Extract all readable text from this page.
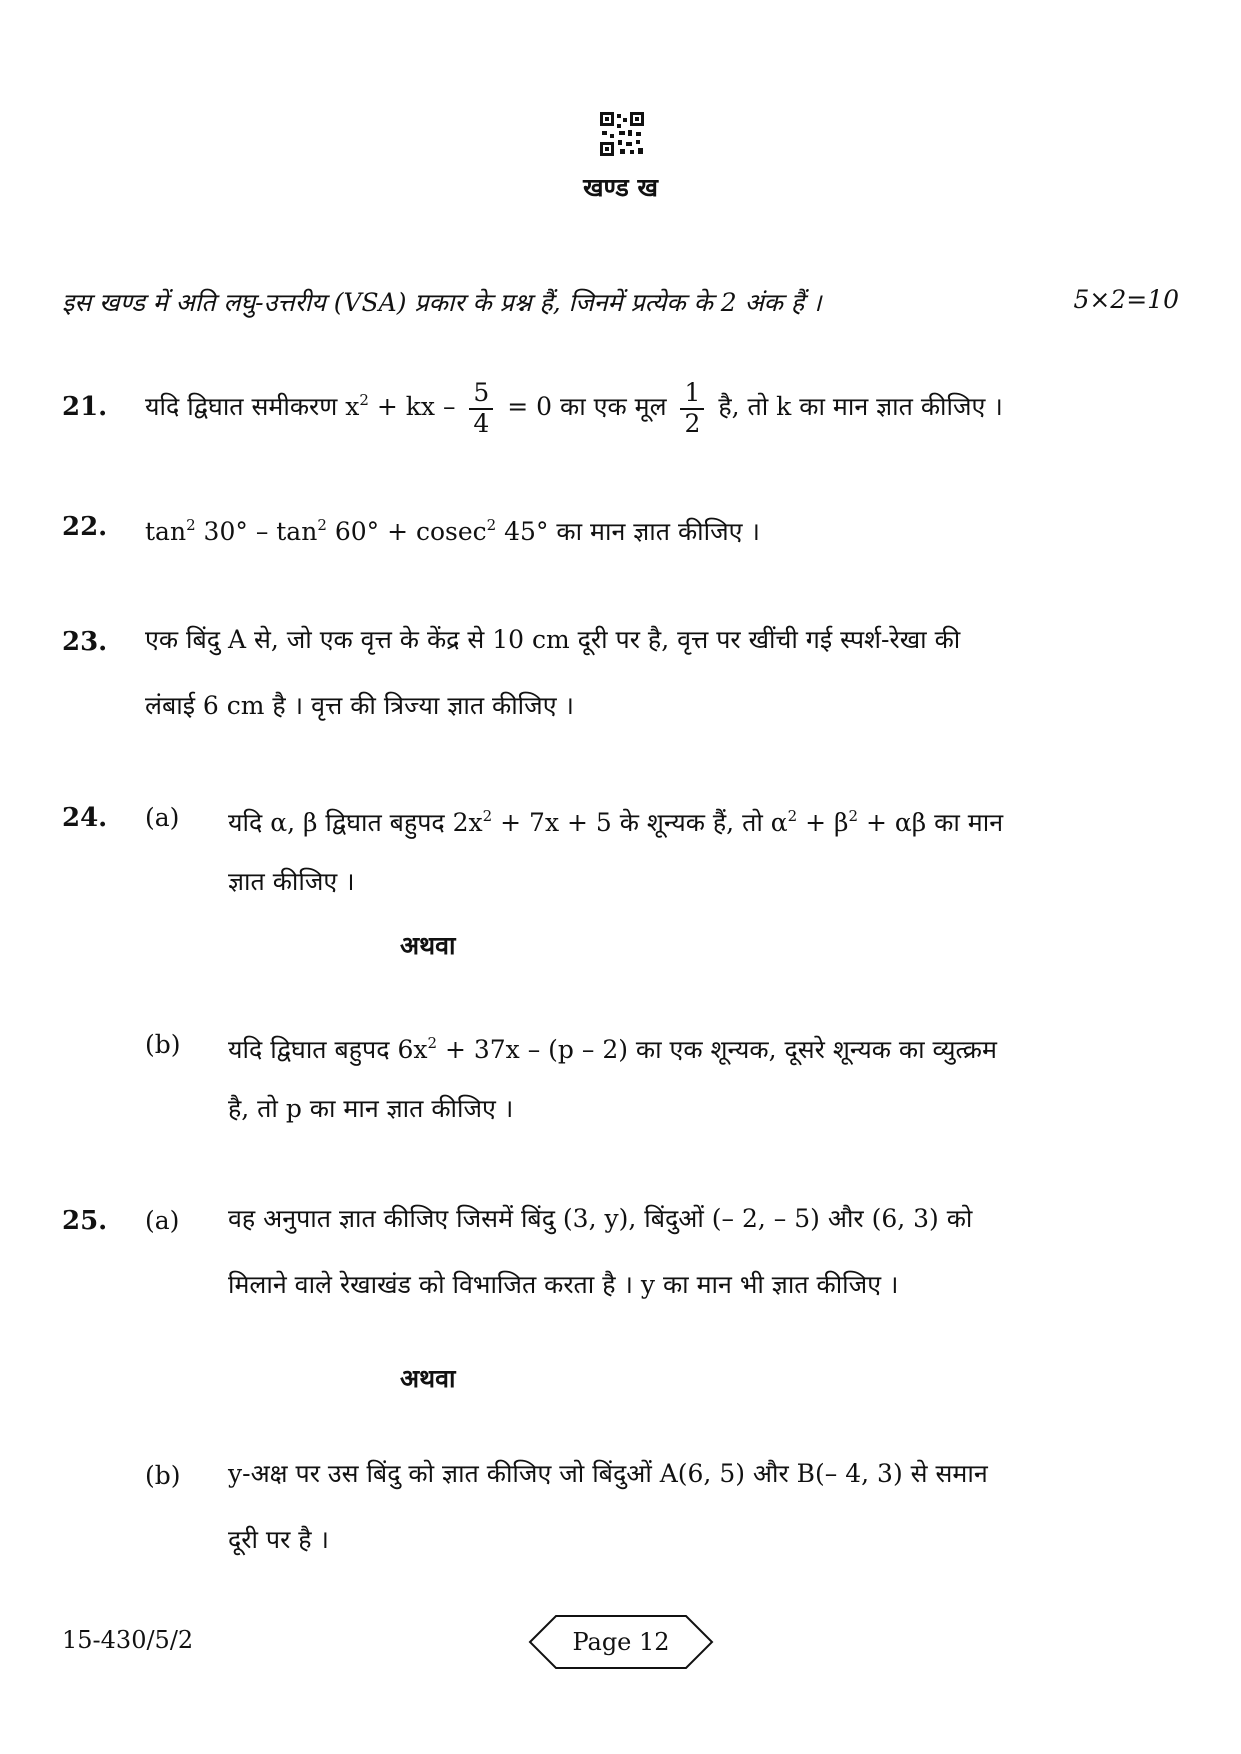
खण्ड ख
इस खण्ड में अति लघु-उत्तरीय (VSA) प्रकार के प्रश्न हैं, जिनमें प्रत्येक के 2 अंक हैं ।	5×2=10
21. यदि द्विघात समीकरण $x^2$ + kx – $\frac{5}{4} = 0$ का एक मूल $\frac{1}{2}$ है, तो k का मान ज्ञात कीजिए ।
22. $\tan^2 30^\circ - \tan^2 60^\circ + cosec^2$ 45° का मान ज्ञात कीजिए ।
23. एक बिंदु A से, जो एक वृत्त के केंद्र से 10 cm दूरी पर है, वृत्त पर खींची गई स्पर्श-रेखा की
लंबाई 6 cm है । वृत्त की त्रिज्या ज्ञात कीजिए ।
24. (a) यदि α, β द्विघात बहुपद $2x^2 + 7x + 5$ के शून्यक हैं, तो $\alpha^2 + \beta^2 + \alpha\beta$ का मान
ज्ञात कीजिए ।
अथवा
(b) यदि द्विघात बहुपद $6x^2 + 37x - (p - 2)$ का एक शून्यक, दूसरे शून्यक का व्युत्क्रम
है, तो p का मान ज्ञात कीजिए ।
25. (a) वह अनुपात ज्ञात कीजिए जिसमें बिंदु (3, y), बिंदुओं (– 2, – 5) और (6, 3) को
मिलाने वाले रेखाखंड को विभाजित करता है । y का मान भी ज्ञात कीजिए ।
अथवा
(b) y-अक्ष पर उस बिंदु को ज्ञात कीजिए जो बिंदुओं A(6, 5) और B(– 4, 3) से समान
दूरी पर है ।
15-430/5/2	Page 12
